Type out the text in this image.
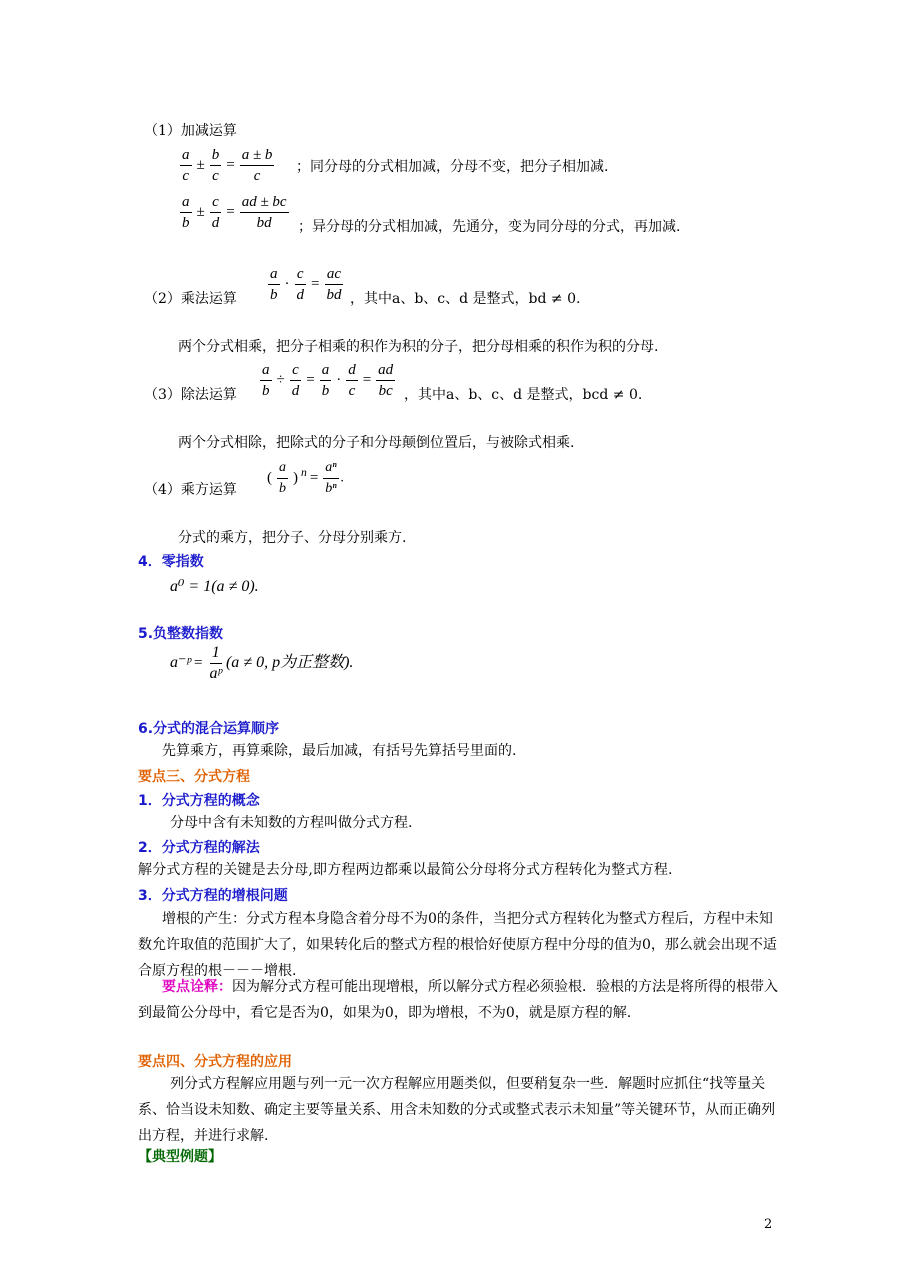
（1）加减运算
$\frac{a}{c} \pm \frac{b}{c} = \frac{a \pm b}{c}$ ；同分母的分式相加减，分母不变，把分子相加减.
$\frac{a}{b} \pm \frac{c}{d} = \frac{ad \pm bc}{bd}$ ；异分母的分式相加减，先通分，变为同分母的分式，再加减.
（2）乘法运算 $\frac{a}{b} \cdot \frac{c}{d} = \frac{ac}{bd}$ ，其中a、b、c、d 是整式，bd ≠ 0.
两个分式相乘，把分子相乘的积作为积的分子，把分母相乘的积作为积的分母.
（3）除法运算 $\frac{a}{b} \div \frac{c}{d} = \frac{a}{b} \cdot \frac{d}{c} = \frac{ad}{bc}$ ，其中a、b、c、d 是整式，bcd ≠ 0.
两个分式相除，把除式的分子和分母颠倒位置后，与被除式相乘.
（4）乘方运算
( $\frac{a}{b}$ ) $^n = \frac{\text{aⁿ}}{\text{bⁿ}}$ .
分式的乘方，把分子、分母分别乘方.
4．零指数
a⁰ = 1(a ≠ 0).
5.负整数指数
a⁻ᵖ = $\frac{1}{\text{aᵖ}} (a \ne 0$, p为正整数).
6.分式的混合运算顺序
先算乘方，再算乘除，最后加减，有括号先算括号里面的.
要点三、分式方程
1．分式方程的概念
分母中含有未知数的方程叫做分式方程.
2．分式方程的解法
解分式方程的关键是去分母,即方程两边都乘以最简公分母将分式方程转化为整式方程.
3．分式方程的增根问题
增根的产生：分式方程本身隐含着分母不为0的条件，当把分式方程转化为整式方程后，方程中未知数允许取值的范围扩大了，如果转化后的整式方程的根恰好使原方程中分母的值为0，那么就会出现不适合原方程的根－－－增根.
要点诠释：因为解分式方程可能出现增根，所以解分式方程必须验根．验根的方法是将所得的根带入到最简公分母中，看它是否为0，如果为0，即为增根，不为0，就是原方程的解.
要点四、分式方程的应用
列分式方程解应用题与列一元一次方程解应用题类似，但要稍复杂一些．解题时应抓住“找等量关系、恰当设未知数、确定主要等量关系、用含未知数的分式或整式表示未知量”等关键环节，从而正确列出方程，并进行求解.
【典型例题】
2
